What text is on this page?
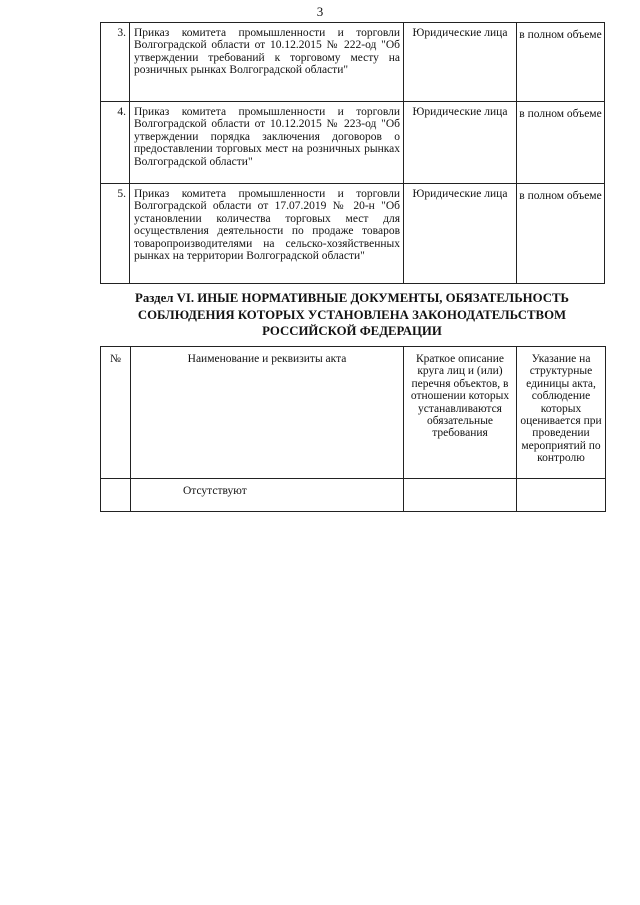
3
3.	Приказ комитета промышленности и торговли Волгоградской области от 10.12.2015 № 222-од "Об утверждении требований к торговому месту на розничных рынках Волгоградской области"	Юридические лица	в полном объеме
4.	Приказ комитета промышленности и торговли Волгоградской области от 10.12.2015 № 223-од "Об утверждении порядка заключения договоров о предоставлении торговых мест на розничных рынках Волгоградской области"	Юридические лица	в полном объеме
5.	Приказ комитета промышленности и торговли Волгоградской области от 17.07.2019 № 20-н "Об установлении количества торговых мест для осуществления деятельности по продаже товаров товаропроизводителями на сельско-хозяйственных рынках на территории Волгоградской области"	Юридические лица	в полном объеме
Раздел VI. ИНЫЕ НОРМАТИВНЫЕ ДОКУМЕНТЫ, ОБЯЗАТЕЛЬНОСТЬ СОБЛЮДЕНИЯ КОТОРЫХ УСТАНОВЛЕНА ЗАКОНОДАТЕЛЬСТВОМ РОССИЙСКОЙ ФЕДЕРАЦИИ
№	Наименование и реквизиты акта	Краткое описание круга лиц и (или) перечня объектов, в отношении которых устанавливаются обязательные требования	Указание на структурные единицы акта, соблюдение которых оценивается при проведении мероприятий по контролю
	Отсутствуют		
